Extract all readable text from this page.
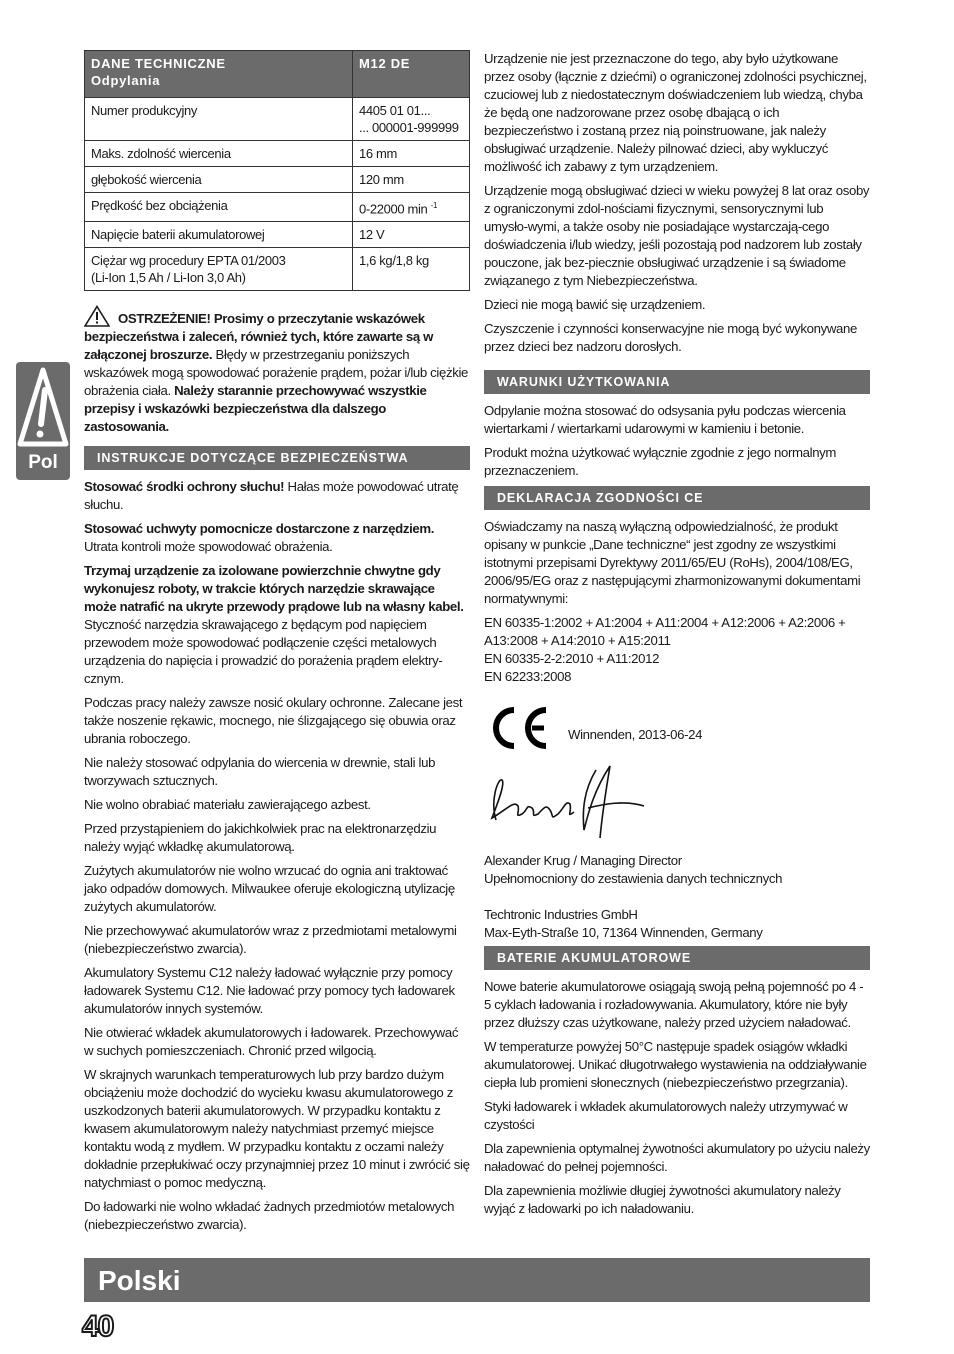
Pol
DANE TECHNICZNE
Odpylania	M12 DE
Numer produkcyjny	4405 01 01...
... 000001-999999
Maks. zdolność wiercenia	16 mm
głębokość wiercenia	120 mm
Prędkość bez obciążenia	0-22000 min $^{-1}$
Napięcie baterii akumulatorowej	12 V
Ciężar wg procedury EPTA 01/2003
(Li-Ion 1,5 Ah / Li-Ion 3,0 Ah)	1,6 kg/1,8 kg

OSTRZEŻENIE! Prosimy o przeczytanie wskazówek bezpieczeństwa i zaleceń, również tych, które zawarte są w załączonej broszurze. Błędy w przestrzeganiu poniższych wskazówek mogą spowodować porażenie prądem, pożar i/lub ciężkie obrażenia ciała. Należy starannie przechowywać wszystkie przepisy i wskazówki bezpieczeństwa dla dalszego zastosowania.

INSTRUKCJE DOTYCZĄCE BEZPIECZEŃSTWA

Stosować środki ochrony słuchu! Hałas może powodować utratę słuchu.

Stosować uchwyty pomocnicze dostarczone z narzędziem. Utrata kontroli może spowodować obrażenia.

Trzymaj urządzenie za izolowane powierzchnie chwytne gdy wykonujesz roboty, w trakcie których narzędzie skrawające może natrafić na ukryte przewody prądowe lub na własny kabel. Styczność narzędzia skrawającego z będącym pod napięciem przewodem może spowodować podłączenie części metalowych urządzenia do napięcia i prowadzić do porażenia prądem elektry-cznym.

Podczas pracy należy zawsze nosić okulary ochronne. Zalecane jest także noszenie rękawic, mocnego, nie ślizgającego się obuwia oraz ubrania roboczego.

Nie należy stosować odpylania do wiercenia w drewnie, stali lub tworzywach sztucznych.

Nie wolno obrabiać materiału zawierającego azbest.

Przed przystąpieniem do jakichkolwiek prac na elektronarzędziu należy wyjąć wkładkę akumulatorową.

Zużytych akumulatorów nie wolno wrzucać do ognia ani traktować jako odpadów domowych. Milwaukee oferuje ekologiczną utylizację zużytych akumulatorów.

Nie przechowywać akumulatorów wraz z przedmiotami metalowymi (niebezpieczeństwo zwarcia).

Akumulatory Systemu C12 należy ładować wyłącznie przy pomocy ładowarek Systemu C12. Nie ładować przy pomocy tych ładowarek akumulatorów innych systemów.

Nie otwierać wkładek akumulatorowych i ładowarek. Przechowywać w suchych pomieszczeniach. Chronić przed wilgocią.

W skrajnych warunkach temperaturowych lub przy bardzo dużym obciążeniu może dochodzić do wycieku kwasu akumulatorowego z uszkodzonych baterii akumulatorowych. W przypadku kontaktu z kwasem akumulatorowym należy natychmiast przemyć miejsce kontaktu wodą z mydłem. W przypadku kontaktu z oczami należy dokładnie przepłukiwać oczy przynajmniej przez 10 minut i zwrócić się natychmiast o pomoc medyczną.

Do ładowarki nie wolno wkładać żadnych przedmiotów metalowych (niebezpieczeństwo zwarcia).

Urządzenie nie jest przeznaczone do tego, aby było użytkowane przez osoby (łącznie z dziećmi) o ograniczonej zdolności psychicznej, czuciowej lub z niedostatecznym doświadczeniem lub wiedzą, chyba że będą one nadzorowane przez osobę dbającą o ich bezpieczeństwo i zostaną przez nią poinstruowane, jak należy obsługiwać urządzenie. Należy pilnować dzieci, aby wykluczyć możliwość ich zabawy z tym urządzeniem.

Urządzenie mogą obsługiwać dzieci w wieku powyżej 8 lat oraz osoby z ograniczonymi zdol-nościami fizycznymi, sensorycznymi lub umysło-wymi, a także osoby nie posiadające wystarczają-cego doświadczenia i/lub wiedzy, jeśli pozostają pod nadzorem lub zostały pouczone, jak bez-piecznie obsługiwać urządzenie i są świadome związanego z tym Niebezpieczeństwa.

Dzieci nie mogą bawić się urządzeniem.

Czyszczenie i czynności konserwacyjne nie mogą być wykonywane przez dzieci bez nadzoru dorosłych.

WARUNKI UŻYTKOWANIA

Odpylanie można stosować do odsysania pyłu podczas wiercenia wiertarkami / wiertarkami udarowymi w kamieniu i betonie.

Produkt można użytkować wyłącznie zgodnie z jego normalnym przeznaczeniem.

DEKLARACJA ZGODNOŚCI CE

Oświadczamy na naszą wyłączną odpowiedzialność, że produkt opisany w punkcie „Dane techniczne“ jest zgodny ze wszystkimi istotnymi przepisami Dyrektywy 2011/65/EU (RoHs), 2004/108/EG, 2006/95/EG oraz z następującymi zharmonizowanymi dokumentami normatywnymi:

EN 60335-1:2002 + A1:2004 + A11:2004 + A12:2006 + A2:2006 + A13:2008 + A14:2010 + A15:2011
EN 60335-2-2:2010 + A11:2012
EN 62233:2008

Winnenden, 2013-06-24

Alexander Krug / Managing Director
Upełnomocniony do zestawienia danych technicznych

Techtronic Industries GmbH
Max-Eyth-Straße 10, 71364 Winnenden, Germany

BATERIE AKUMULATOROWE

Nowe baterie akumulatorowe osiągają swoją pełną pojemność po 4 - 5 cyklach ładowania i rozładowywania. Akumulatory, które nie były przez dłuższy czas użytkowane, należy przed użyciem naładować.

W temperaturze powyżej 50°C następuje spadek osiągów wkładki akumulatorowej. Unikać długotrwałego wystawienia na oddziaływanie ciepła lub promieni słonecznych (niebezpieczeństwo przegrzania).

Styki ładowarek i wkładek akumulatorowych należy utrzymywać w czystości

Dla zapewnienia optymalnej żywotności akumulatory po użyciu należy naładować do pełnej pojemności.

Dla zapewnienia możliwie długiej żywotności akumulatory należy wyjąć z ładowarki po ich naładowaniu.

Polski
40
